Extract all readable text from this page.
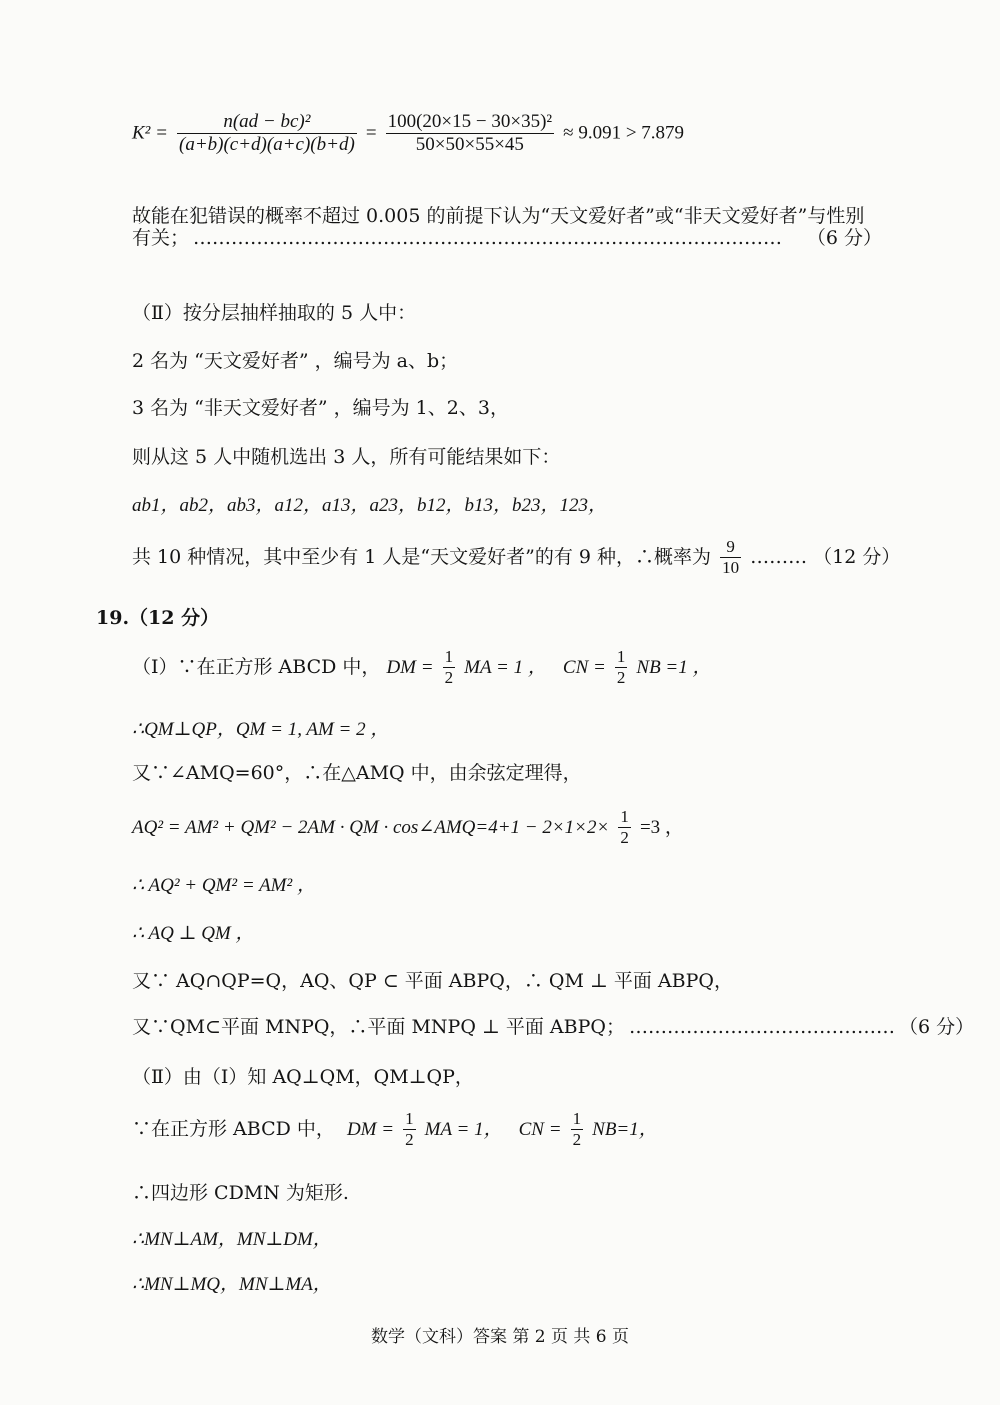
$K^2 = \frac{\text{n(ad − bc)²}}{(a+b)(c+d)(a+c)(b+d)} = \frac{\text{100(20×15 − 30×35)²}}{50\times 50\times 55\times 45} \approx 9.091 > 7.879$
故能在犯错误的概率不超过 0.005 的前提下认为“天文爱好者”或“非天文爱好者”与性别
有关； …………………………………………………………………………………	（6 分）
（Ⅱ）按分层抽样抽取的 5 人中：
2 名为 “天文爱好者” ，编号为 a、b；
3 名为 “非天文爱好者” ，编号为 1、2、3，
则从这 5 人中随机选出 3 人，所有可能结果如下：
ab1，ab2，ab3，a12，a13，a23，b12，b13，b23，123，
共 10 种情况，其中至少有 1 人是“天文爱好者”的有 9 种，∴概率为 $\frac{9}{10}$ ……… （12 分）
19.（12 分）
（Ⅰ）∵在正方形 ABCD 中， DM = $\frac{1}{2}$ MA = 1 ， CN = $\frac{1}{2}$ NB =1 ，
∴QM⊥QP，QM = 1, AM = 2 ，
又∵∠AMQ=60°，∴在△AMQ 中，由余弦定理得，
AQ² = AM² + QM² − 2AM · QM · cos∠AMQ=4+1 − $2\times 1\times 2\times \frac{1}{2} =3$ ，
∴ AQ² + QM² = AM² ，
∴ AQ ⊥ QM ，
又∵ AQ∩QP=Q，AQ、QP ⊂ 平面 ABPQ，∴ QM ⊥ 平面 ABPQ，
又∵QM⊂平面 MNPQ，∴平面 MNPQ ⊥ 平面 ABPQ； …………………………………… （6 分）
（Ⅱ）由（Ⅰ）知 AQ⊥QM，QM⊥QP，
∵在正方形 ABCD 中， DM = $\frac{1}{2}$ MA = 1， CN = $\frac{1}{2} NB=1$，
∴四边形 CDMN 为矩形.
∴MN⊥AM，MN⊥DM，
∴MN⊥MQ，MN⊥MA，
数学（文科）答案 第 2 页 共 6 页
